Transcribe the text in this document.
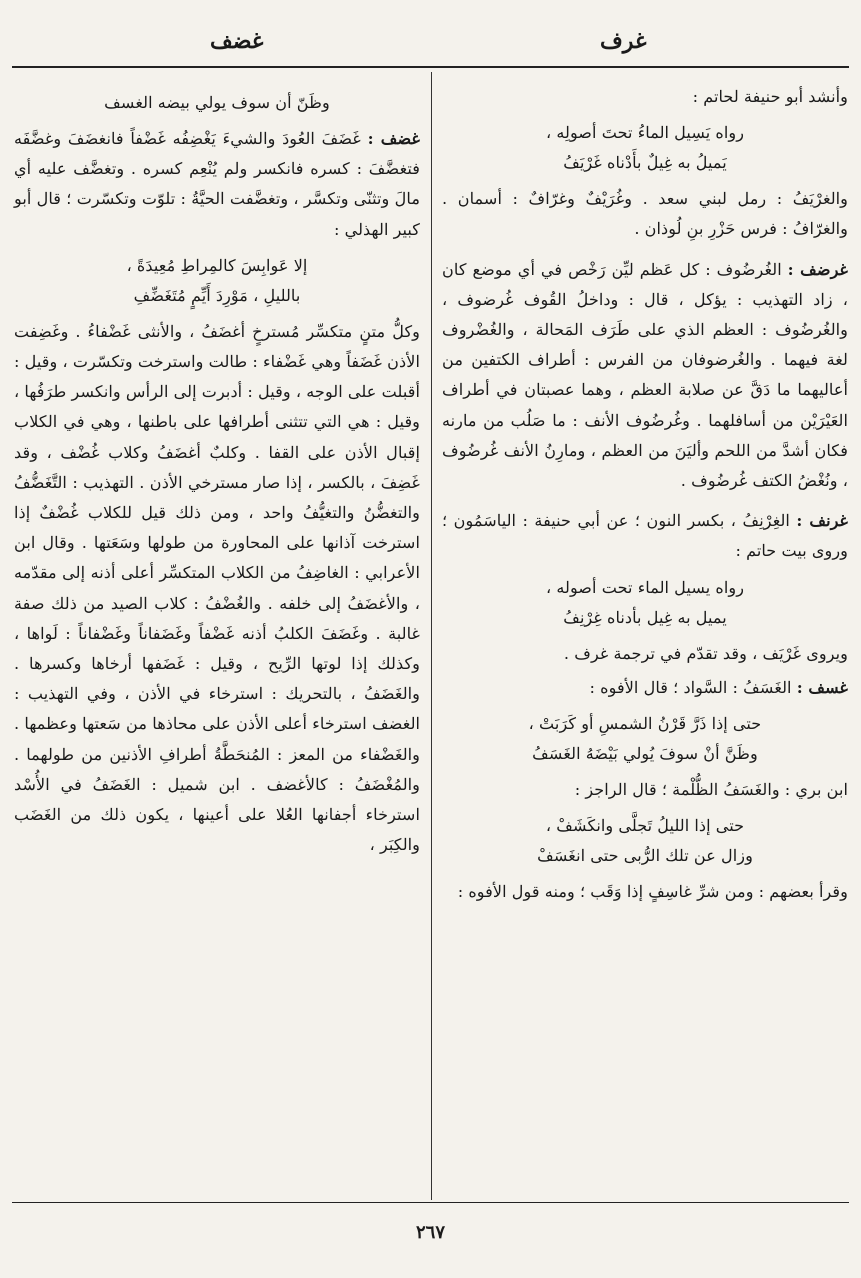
غضف	غرف

وأنشد أبو حنيفة لحاتم :

رواه يَسِيل الماءُ تحتَ أصولِه ،
يَميلُ به غِيلٌ بأَدْناه غَرْيَفُ

والغرْيَفُ : رمل لبني سعد . وغُرَيْفٌ وغرّافٌ : أسمان . والغرّافُ : فرس حَزْرِ بنِ لُوذان .

غرضف : الغُرضُوف : كل عَظم ليِّن رَخْص في أي موضع كان ، زاد التهذيب : يؤكل ، قال : وداخلُ القُوف غُرضوف ، والغُرضُوف : العظم الذي على طَرَف المَحالة ، والغُضْروف لغة فيهما . والغُرضوفان من الفرس : أطراف الكتفين من أعاليهما ما دَقَّ عن صلابة العظم ، وهما عصبتان في أطراف العَيْرَيْن من أسافلهما . وغُرضُوف الأنف : ما صَلُب من مارنه فكان أشدَّ من اللحم وأليَنَ من العظم ، ومارِنُ الأنف غُرضُوف ، ونُغْضُ الكتف غُرضُوف .

غرنف : الغِرْنِفُ ، بكسر النون ؛ عن أبي حنيفة : الياسَمُون ؛ وروى بيت حاتم :

رواه يسيل الماء تحت أصوله ،
يميل به غِيل بأدناه غِرْنِفُ

ويروى غَرْيَف ، وقد تقدّم في ترجمة غرف .

غسف : الغَسَفُ : السَّواد ؛ قال الأفوه :

حتى إذا ذَرَّ قَرْنُ الشمسِ أو كَرَبَتْ ،
وظَنَّ أنْ سوفَ يُولي بَيْضَهُ الغَسَفُ

ابن بري : والغَسَفُ الظُّلْمة ؛ قال الراجز :

حتى إذا الليلُ تَجلَّى وانكَشَفْ ،
وزال عن تلك الرُّبى حتى انغَسَفْ

وقرأ بعضهم : ومن شرِّ غاسِفٍ إذا وَقَب ؛ ومنه قول الأفوه :

وظَنّ أن سوف يولي بيضه الغسف

غضف : غَضَفَ العُودَ والشيءَ يَغْضِفُه غَضْفاً فانغضَفَ وغضَّفَه فتغضَّفَ : كسره فانكسر ولم يُنْعِم كسره . وتغضَّف عليه أي مالَ وتثنّى وتكسَّر ، وتغضَّفت الحيَّةُ : تلوّت وتكسّرت ؛ قال أبو كبير الهذلي :

إلا عَوابِسَ كالمِراطِ مُعِيدَةً ،
بالليلِ ، مَوْرِدَ أَيِّمٍ مُتَغَضِّفِ

وكلُّ متنٍ متكسِّر مُسترخٍ أغضَفُ ، والأنثى غَضْفاءُ . وغَضِفت الأذن غَضَفاً وهي غَضْفاء : طالت واسترخت وتكسّرت ، وقيل : أقبلت على الوجه ، وقيل : أدبرت إلى الرأس وانكسر طرَفُها ، وقيل : هي التي تتثنى أطرافها على باطنها ، وهي في الكلاب إقبال الأذن على القفا . وكلبٌ أغضَفُ وكلاب غُضْف ، وقد غَضِفَ ، بالكسر ، إذا صار مسترخي الأذن . التهذيب : التَّغَضُّفُ والتغضُّنُ والتغيُّفُ واحد ، ومن ذلك قيل للكلاب غُضْفٌ إذا استرخت آذانها على المحاورة من طولها وسَعَتها . وقال ابن الأعرابي : الغاضِفُ من الكلاب المتكسِّر أعلى أذنه إلى مقدّمه ، والأغضَفُ إلى خلفه . والغُضْفُ : كلاب الصيد من ذلك صفة غالبة . وغَضَفَ الكلبُ أذنه غَضْفاً وغَضَفاناً وغَضْفاناً : لَواها ، وكذلك إذا لوتها الرِّيح ، وقيل : غَضَفها أرخاها وكسرها . والغَضَفُ ، بالتحريك : استرخاء في الأذن ، وفي التهذيب : الغضف استرخاء أعلى الأذن على محاذها من سَعتها وعظمها . والغَضْفاء من المعز : المُنحَطَّةُ أطرافِ الأذنين من طولهما . والمُغْضَفُ : كالأغضف . ابن شميل : الغَضَفُ في الأُسْد استرخاء أجفانها العُلا على أعينها ، يكون ذلك من الغَضَب والكِبَر ،

٢٦٧
